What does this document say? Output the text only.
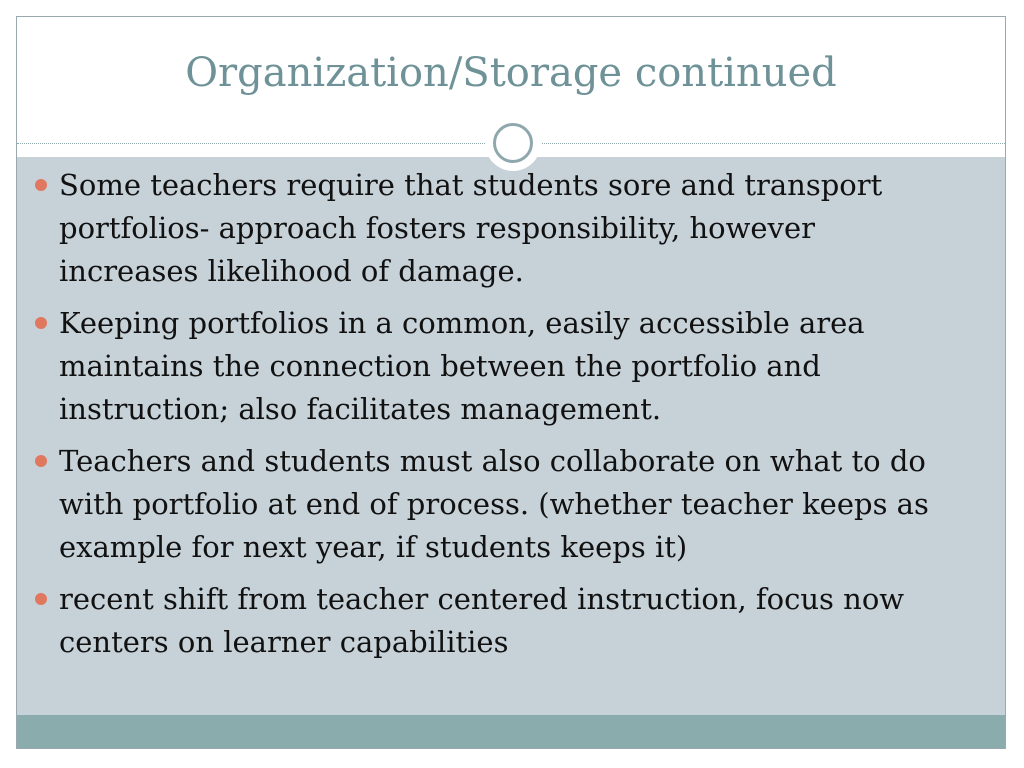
Organization/Storage continued
Some teachers require that students sore and transport portfolios- approach fosters responsibility, however increases likelihood of damage.
Keeping portfolios in a common, easily accessible area maintains the connection between the portfolio and instruction; also facilitates management.
Teachers and students must also collaborate on what to do with portfolio at end of process. (whether teacher keeps as example for next year, if students keeps it)
recent shift from teacher centered instruction, focus now centers on learner capabilities
